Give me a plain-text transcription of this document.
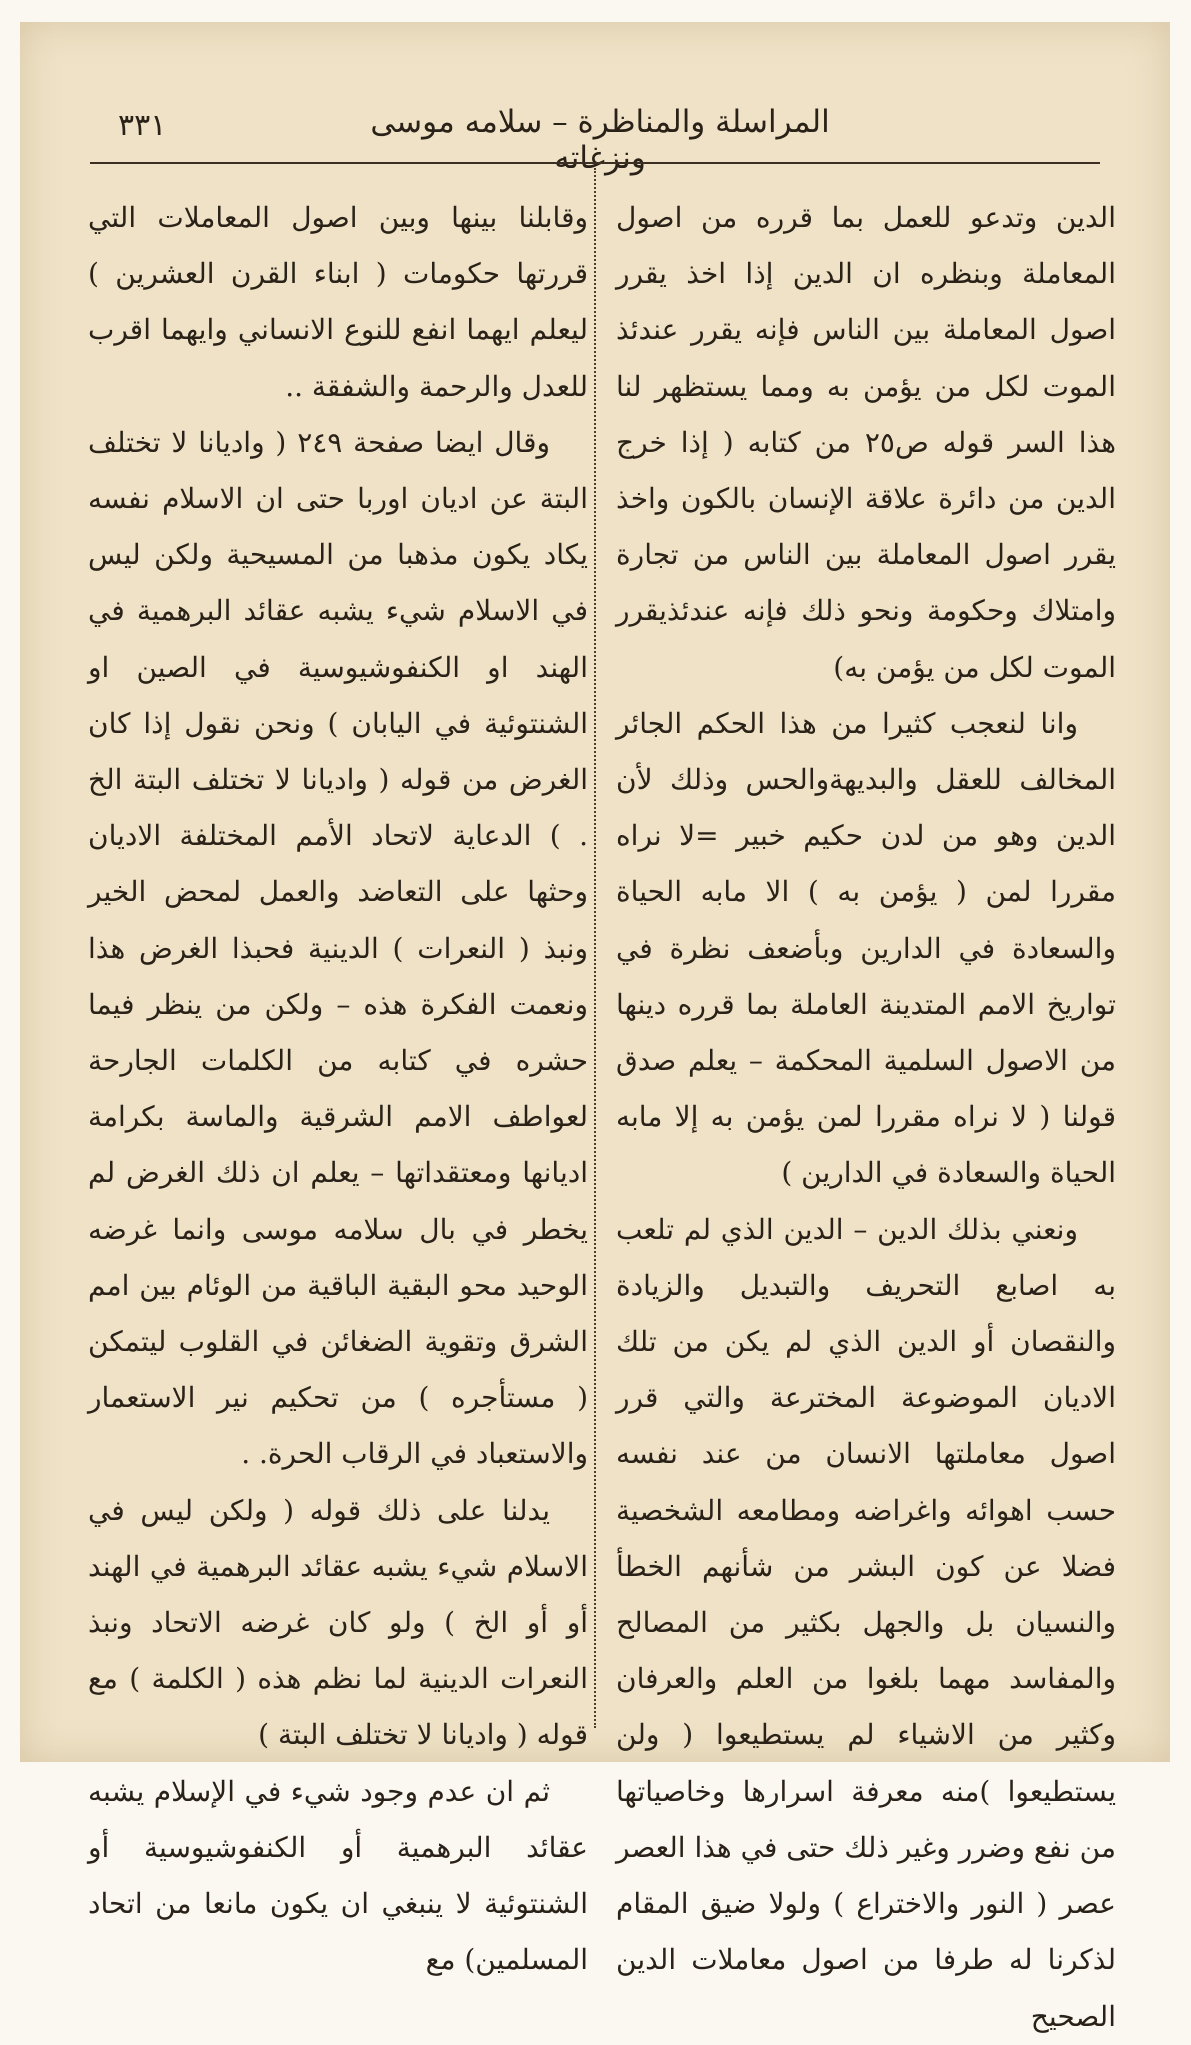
المراسلة والمناظرة – سلامه موسى ونزغاته
٣٣١

الدين وتدعو للعمل بما قرره من اصول المعاملة وبنظره ان الدين إذا اخذ يقرر اصول المعاملة بين الناس فإنه يقرر عندئذ الموت لكل من يؤمن به ومما يستظهر لنا هذا السر قوله ص٢٥ من كتابه ( إذا خرج الدين من دائرة علاقة الإنسان بالكون واخذ يقرر اصول المعاملة بين الناس من تجارة وامتلاك وحكومة ونحو ذلك فإنه عندئذيقرر الموت لكل من يؤمن به)

وانا لنعجب كثيرا من هذا الحكم الجائر المخالف للعقل والبديهةوالحس وذلك لأن الدين وهو من لدن حكيم خبير =لا نراه مقررا لمن ( يؤمن به ) الا مابه الحياة والسعادة في الدارين وبأضعف نظرة في تواريخ الامم المتدينة العاملة بما قرره دينها من الاصول السلمية المحكمة – يعلم صدق قولنا ( لا نراه مقررا لمن يؤمن به إلا مابه الحياة والسعادة في الدارين )

ونعني بذلك الدين – الدين الذي لم تلعب به اصابع التحريف والتبديل والزيادة والنقصان أو الدين الذي لم يكن من تلك الاديان الموضوعة المخترعة والتي قرر اصول معاملتها الانسان من عند نفسه حسب اهوائه واغراضه ومطامعه الشخصية فضلا عن كون البشر من شأنهم الخطأ والنسيان بل والجهل بكثير من المصالح والمفاسد مهما بلغوا من العلم والعرفان وكثير من الاشياء لم يستطيعوا ( ولن يستطيعوا )منه معرفة اسرارها وخاصياتها من نفع وضرر وغير ذلك حتى في هذا العصر عصر ( النور والاختراع ) ولولا ضيق المقام لذكرنا له طرفا من اصول معاملات الدين الصحيح

وقابلنا بينها وبين اصول المعاملات التي قررتها حكومات ( ابناء القرن العشرين ) ليعلم ايهما انفع للنوع الانساني وايهما اقرب للعدل والرحمة والشفقة ..

وقال ايضا صفحة ٢٤٩ ( واديانا لا تختلف البتة عن اديان اوربا حتى ان الاسلام نفسه يكاد يكون مذهبا من المسيحية ولكن ليس في الاسلام شيء يشبه عقائد البرهمية في الهند او الكنفوشيوسية في الصين او الشنتوئية في اليابان ) ونحن نقول إذا كان الغرض من قوله ( واديانا لا تختلف البتة الخ . ) الدعاية لاتحاد الأمم المختلفة الاديان وحثها على التعاضد والعمل لمحض الخير ونبذ ( النعرات ) الدينية فحبذا الغرض هذا ونعمت الفكرة هذه – ولكن من ينظر فيما حشره في كتابه من الكلمات الجارحة لعواطف الامم الشرقية والماسة بكرامة اديانها ومعتقداتها – يعلم ان ذلك الغرض لم يخطر في بال سلامه موسى وانما غرضه الوحيد محو البقية الباقية من الوئام بين امم الشرق وتقوية الضغائن في القلوب ليتمكن ( مستأجره ) من تحكيم نير الاستعمار والاستعباد في الرقاب الحرة. .

يدلنا على ذلك قوله ( ولكن ليس في الاسلام شيء يشبه عقائد البرهمية في الهند أو أو الخ ) ولو كان غرضه الاتحاد ونبذ النعرات الدينية لما نظم هذه ( الكلمة ) مع قوله ( واديانا لا تختلف البتة )

ثم ان عدم وجود شيء في الإسلام يشبه عقائد البرهمية أو الكنفوشيوسية أو الشنتوئية لا ينبغي ان يكون مانعا من اتحاد المسلمين) مع
